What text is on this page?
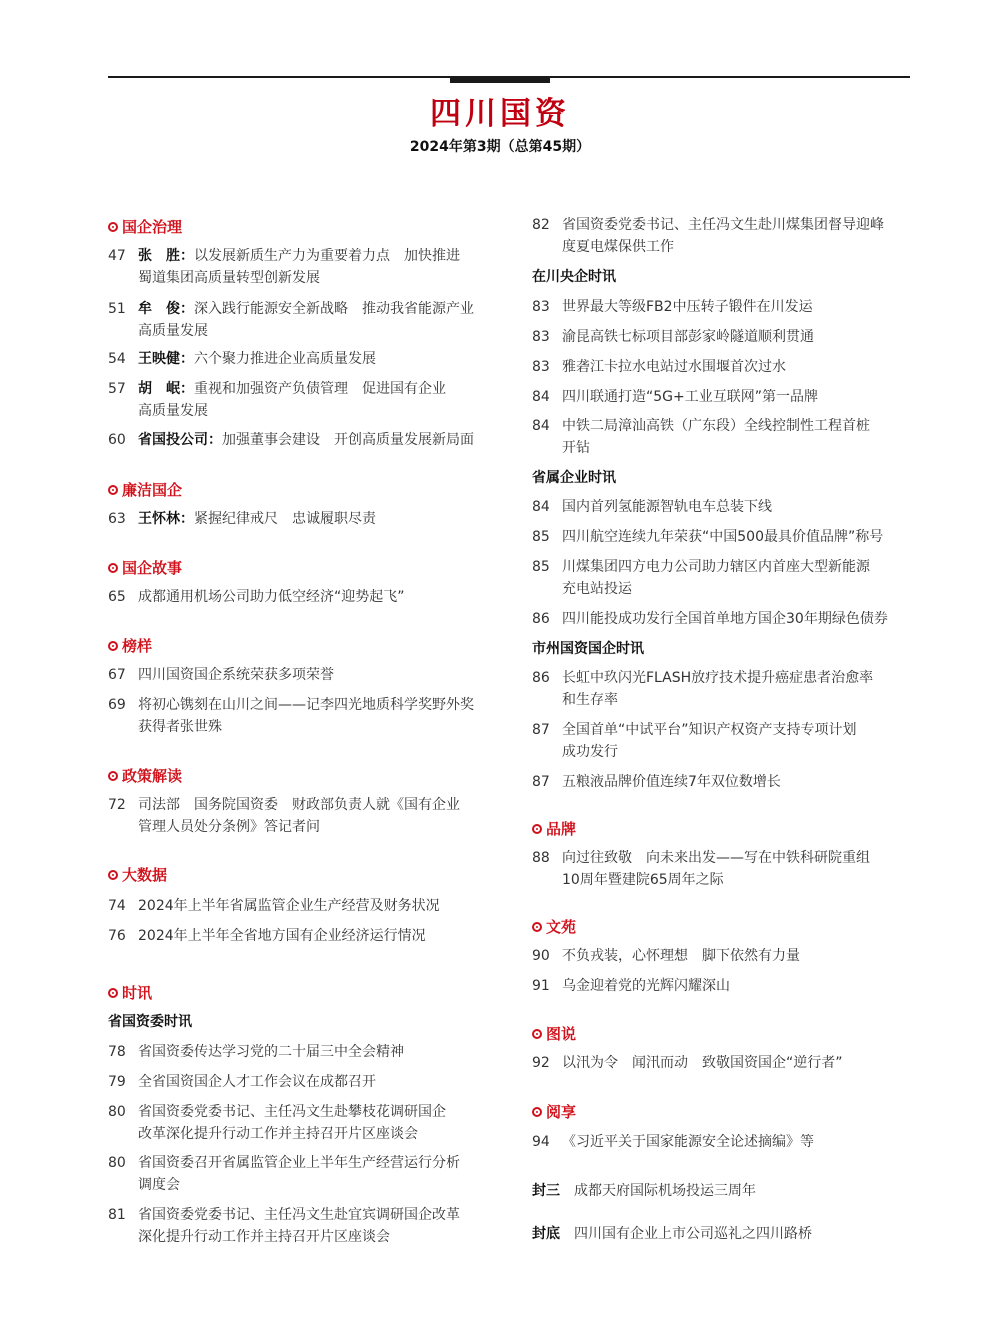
四川国资
2024年第3期（总第45期）
国企治理
47 张　胜：以发展新质生产力为重要着力点　加快推进
蜀道集团高质量转型创新发展
51 牟　俊：深入践行能源安全新战略　推动我省能源产业
高质量发展
54 王映健：六个聚力推进企业高质量发展
57 胡　岷：重视和加强资产负债管理　促进国有企业
高质量发展
60 省国投公司：加强董事会建设　开创高质量发展新局面
廉洁国企
63 王怀林：紧握纪律戒尺　忠诚履职尽责
国企故事
65 成都通用机场公司助力低空经济“迎势起飞”
榜样
67 四川国资国企系统荣获多项荣誉
69 将初心镌刻在山川之间——记李四光地质科学奖野外奖
获得者张世殊
政策解读
72 司法部　国务院国资委　财政部负责人就《国有企业
管理人员处分条例》答记者问
大数据
74 2024年上半年省属监管企业生产经营及财务状况
76 2024年上半年全省地方国有企业经济运行情况
时讯
省国资委时讯
78 省国资委传达学习党的二十届三中全会精神
79 全省国资国企人才工作会议在成都召开
80 省国资委党委书记、主任冯文生赴攀枝花调研国企
改革深化提升行动工作并主持召开片区座谈会
80 省国资委召开省属监管企业上半年生产经营运行分析
调度会
81 省国资委党委书记、主任冯文生赴宜宾调研国企改革
深化提升行动工作并主持召开片区座谈会
82 省国资委党委书记、主任冯文生赴川煤集团督导迎峰
度夏电煤保供工作
在川央企时讯
83 世界最大等级FB2中压转子锻件在川发运
83 渝昆高铁七标项目部彭家岭隧道顺利贯通
83 雅砻江卡拉水电站过水围堰首次过水
84 四川联通打造“5G+工业互联网”第一品牌
84 中铁二局漳汕高铁（广东段）全线控制性工程首桩
开钻
省属企业时讯
84 国内首列氢能源智轨电车总装下线
85 四川航空连续九年荣获“中国500最具价值品牌”称号
85 川煤集团四方电力公司助力辖区内首座大型新能源
充电站投运
86 四川能投成功发行全国首单地方国企30年期绿色债券
市州国资国企时讯
86 长虹中玖闪光FLASH放疗技术提升癌症患者治愈率
和生存率
87 全国首单“中试平台”知识产权资产支持专项计划
成功发行
87 五粮液品牌价值连续7年双位数增长
品牌
88 向过往致敬　向未来出发——写在中铁科研院重组
10周年暨建院65周年之际
文苑
90 不负戎装，心怀理想　脚下依然有力量
91 乌金迎着党的光辉闪耀深山
图说
92 以汛为令　闻汛而动　致敬国资国企“逆行者”
阅享
94 《习近平关于国家能源安全论述摘编》等
封三 成都天府国际机场投运三周年
封底 四川国有企业上市公司巡礼之四川路桥
